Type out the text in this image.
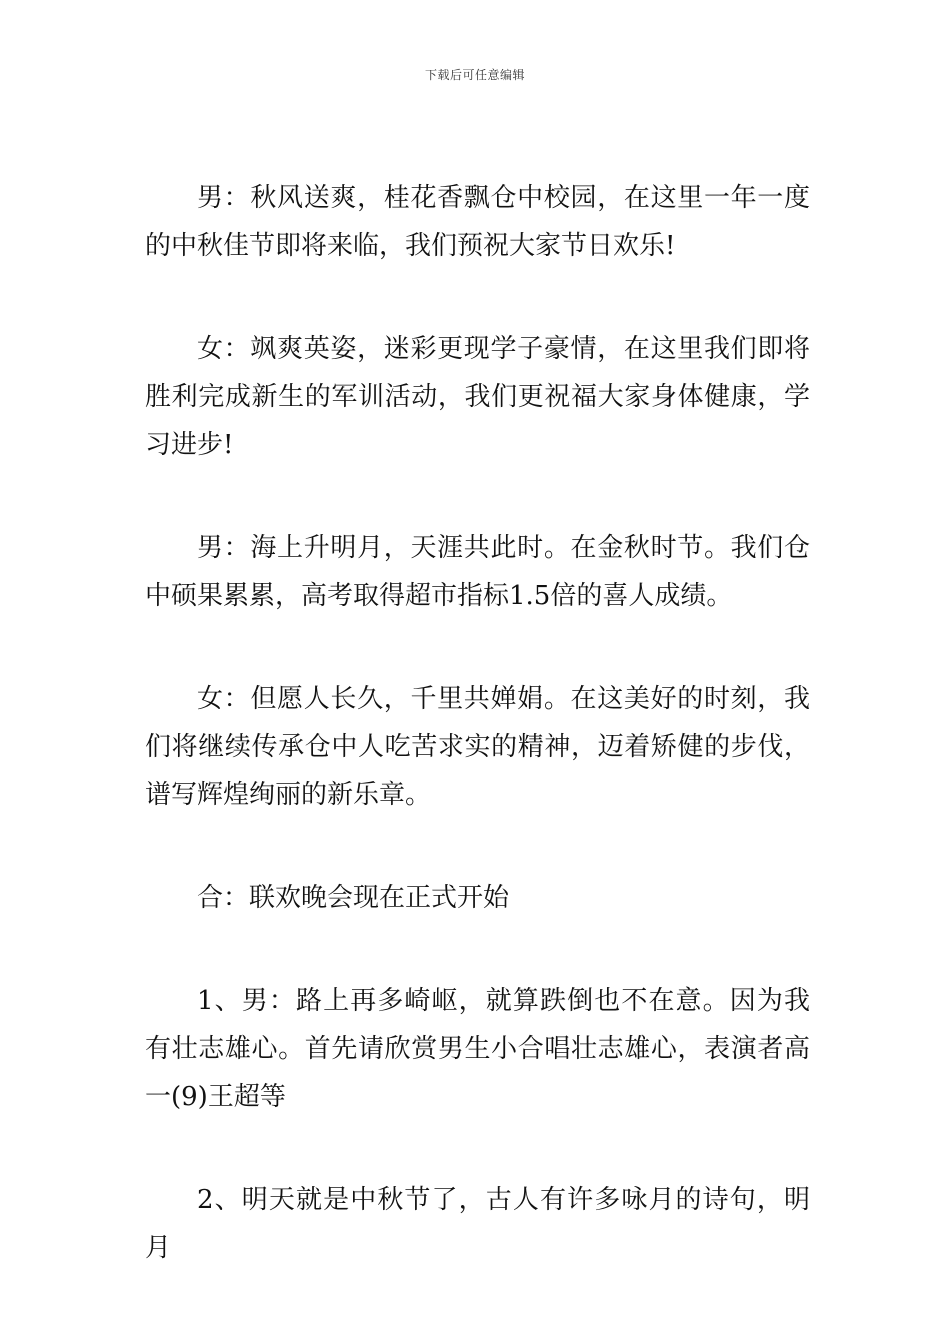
下载后可任意编辑

男：秋风送爽，桂花香飘仓中校园，在这里一年一度的中秋佳节即将来临，我们预祝大家节日欢乐!

女：飒爽英姿，迷彩更现学子豪情，在这里我们即将胜利完成新生的军训活动，我们更祝福大家身体健康，学习进步!

男：海上升明月，天涯共此时。在金秋时节。我们仓中硕果累累，高考取得超市指标1.5倍的喜人成绩。

女：但愿人长久，千里共婵娟。在这美好的时刻，我们将继续传承仓中人吃苦求实的精神，迈着矫健的步伐，谱写辉煌绚丽的新乐章。

合：联欢晚会现在正式开始

1、男：路上再多崎岖，就算跌倒也不在意。因为我有壮志雄心。首先请欣赏男生小合唱壮志雄心，表演者高一(9)王超等

2、明天就是中秋节了，古人有许多咏月的诗句，明月
